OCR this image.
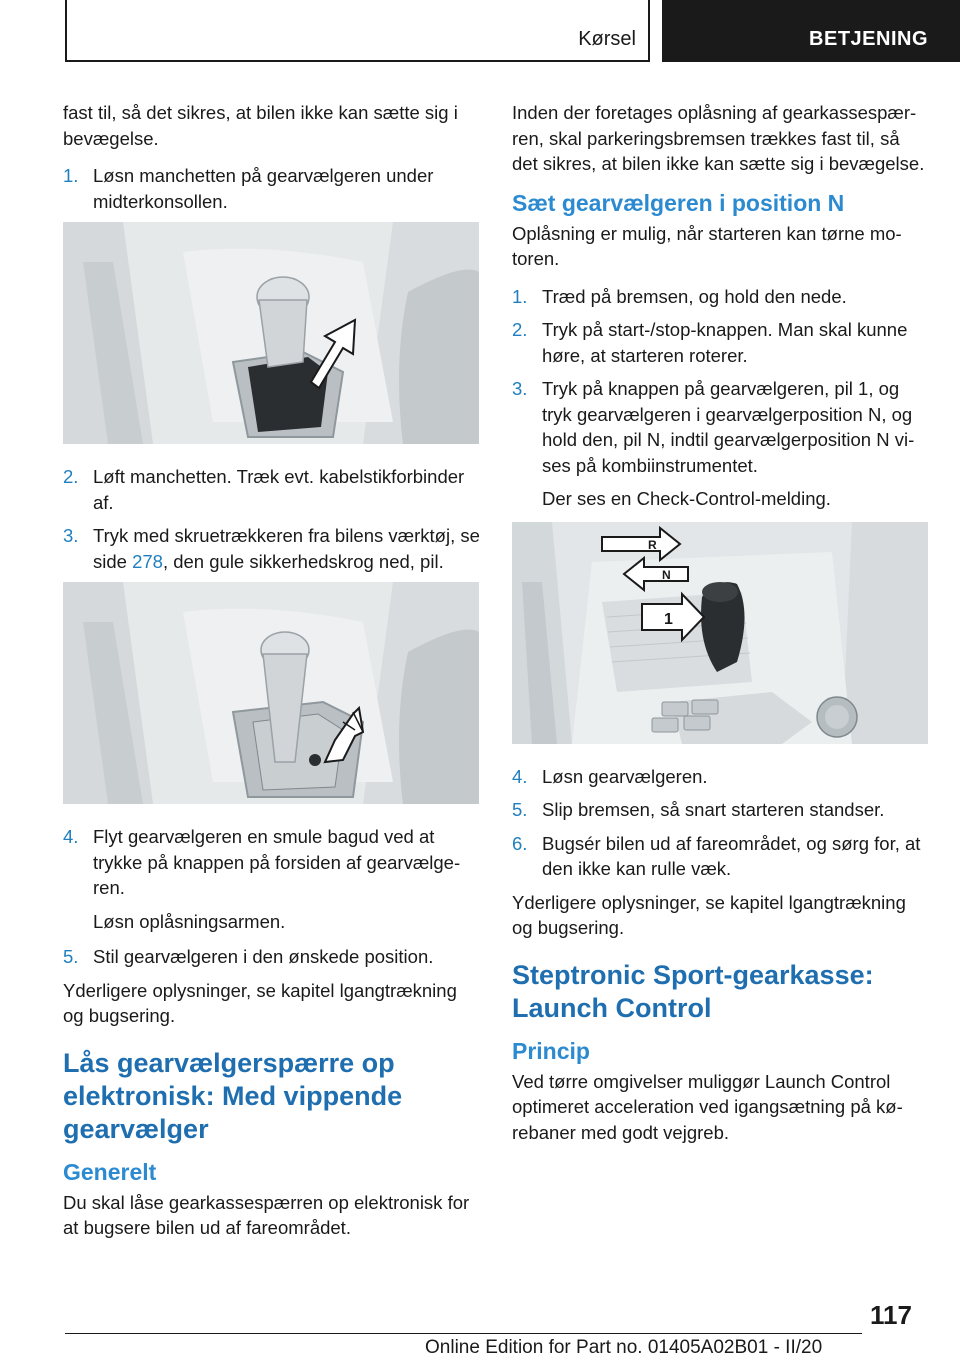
Kørsel	BETJENING

fast til, så det sikres, at bilen ikke kan sætte sig i bevægelse.

1. Løsn manchetten på gearvælgeren under midterkonsollen.
2. Løft manchetten. Træk evt. kabelstikforbinder af.
3. Tryk med skruetrækkeren fra bilens værktøj, se side 278, den gule sikkerhedskrog ned, pil.
4. Flyt gearvælgeren en smule bagud ved at trykke på knappen på forsiden af gearvælgeren.

Løsn oplåsningsarmen.

5. Stil gearvælgeren i den ønskede position.

Yderligere oplysninger, se kapitel lgangtrækning og bugsering.

Lås gearvælgerspærre op elektronisk: Med vippende gearvælger
Generelt

Du skal låse gearkassespærren op elektronisk for at bugsere bilen ud af fareområdet.

Inden der foretages oplåsning af gearkassespærren, skal parkeringsbremsen trækkes fast til, så det sikres, at bilen ikke kan sætte sig i bevægelse.

Sæt gearvælgeren i position N

Oplåsning er mulig, når starteren kan tørne motoren.

1. Træd på bremsen, og hold den nede.
2. Tryk på start-/stop-knappen. Man skal kunne høre, at starteren roterer.
3. Tryk på knappen på gearvælgeren, pil 1, og tryk gearvælgeren i gearvælgerposition N, og hold den, pil N, indtil gearvælgerposition N vises på kombiinstrumentet.

Der ses en Check-Control-melding.

R
N
1
4. Løsn gearvælgeren.
5. Slip bremsen, så snart starteren standser.
6. Bugsér bilen ud af fareområdet, og sørg for, at den ikke kan rulle væk.

Yderligere oplysninger, se kapitel lgangtrækning og bugsering.

Steptronic Sport-gearkasse: Launch Control
Princip

Ved tørre omgivelser muliggør Launch Control optimeret acceleration ved igangsætning på kørebaner med godt vejgreb.

117
Online Edition for Part no. 01405A02B01 - II/20
